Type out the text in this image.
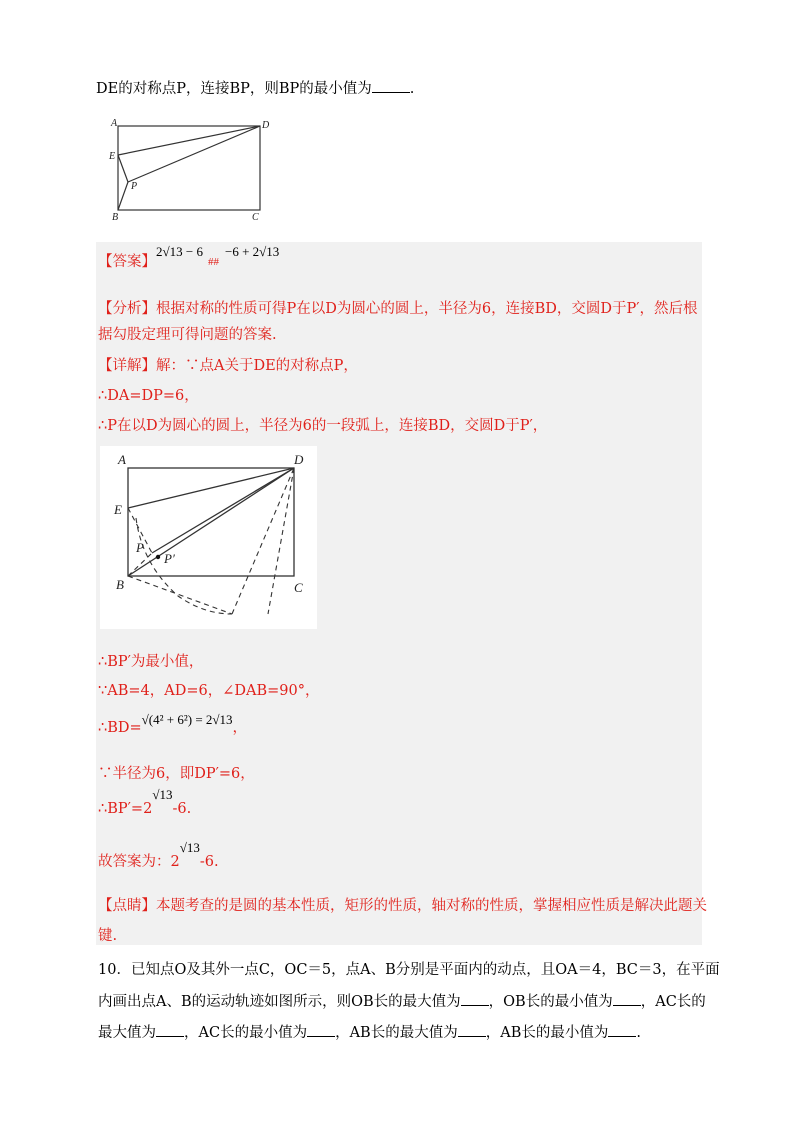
DE的对称点P，连接BP，则BP的最小值为	.
A	D
E
P
B	C
【答案】
2√13 − 6
##
−6 + 2√13
【分析】根据对称的性质可得P在以D为圆心的圆上，半径为6，连接BD，交圆D于P′，然后根
据勾股定理可得问题的答案.
【详解】解：∵点A关于DE的对称点P，
∴DA=DP=6，
∴P在以D为圆心的圆上，半径为6的一段弧上，连接BD，交圆D于P′，
A	D
E
P
P′
B	C
∴BP′为最小值，
∵AB=4，AD=6，∠DAB=90°，
∴BD=√(4² + 6²) = 2√13，
∵半径为6，即DP′=6，
∴BP′=2√13-6.
故答案为：2√13-6.
【点睛】本题考查的是圆的基本性质，矩形的性质，轴对称的性质，掌握相应性质是解决此题关
键.
10．已知点O及其外一点C，OC＝5，点A、B分别是平面内的动点，且OA＝4，BC＝3，在平面
内画出点A、B的运动轨迹如图所示，则OB长的最大值为 ，OB长的最小值为 ，AC长的
最大值为 ，AC长的最小值为 ，AB长的最大值为 ，AB长的最小值为 .
